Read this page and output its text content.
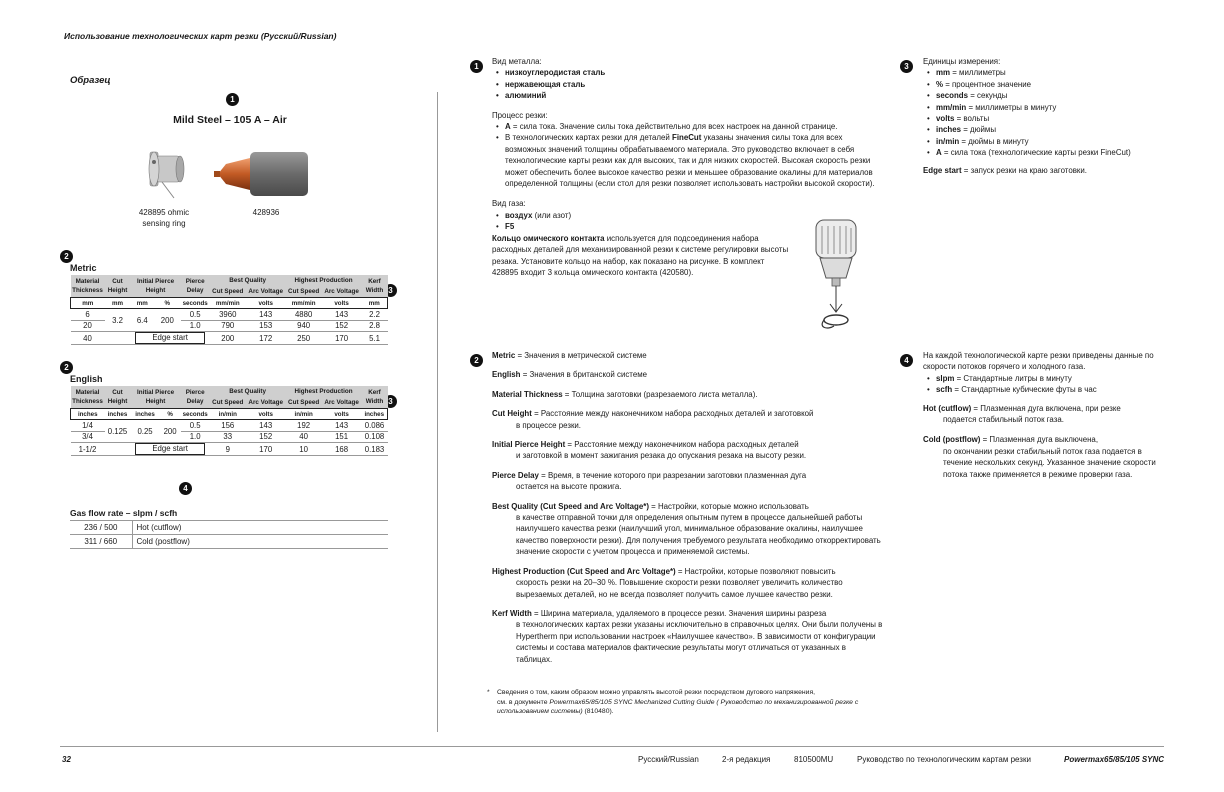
Использование технологических карт резки (Русский/Russian)
Образец
1
Mild Steel – 105 A – Air
428895 ohmic
sensing ring
428936
2
Metric
3
Material Thickness	Cut Height	Initial Pierce Height		Pierce Delay	Best Quality		Highest Production		Kerf Width
					Cut Speed	Arc Voltage	Cut Speed	Arc Voltage	
mm	mm	mm	%	seconds	mm/min	volts	mm/min	volts	mm
6	3.2	6.4	200	0.5	3960	143	4880	143	2.2
20				1.0	790	153	940	152	2.8
40		Edge start			200	172	250	170	5.1
2
English
3
Material Thickness	Cut Height	Initial Pierce Height		Pierce Delay	Best Quality		Highest Production		Kerf Width
					Cut Speed	Arc Voltage	Cut Speed	Arc Voltage	
inches	inches	inches	%	seconds	in/min	volts	in/min	volts	inches
1/4	0.125	0.25	200	0.5	156	143	192	143	0.086
3/4				1.0	33	152	40	151	0.108
1-1/2		Edge start			9	170	10	168	0.183
4
Gas flow rate – slpm / scfh
236 / 500	Hot (cutflow)
311 / 660	Cold (postflow)
1
Вид металла:
• низкоуглеродистая сталь
• нержавеющая сталь
• алюминий
Процесс резки:
• A = сила тока. Значение силы тока действительно для всех настроек на данной странице.
• В технологических картах резки для деталей FineCut указаны значения силы тока для всех возможных значений толщины обрабатываемого материала. Это руководство включает в себя технологические карты резки как для высоких, так и для низких скоростей. Высокая скорость резки может обеспечить более высокое качество резки и меньшее образование окалины для материалов определенной толщины (если стол для резки позволяет использовать настройки высокой скорости).
Вид газа:
• воздух (или азот)
• F5
Кольцо омического контакта используется для подсоединения набора расходных деталей для механизированной резки к системе регулировки высоты резака. Установите кольцо на набор, как показано на рисунке. В комплект 428895 входит 3 кольца омического контакта (420580).
3
Единицы измерения:
• mm = миллиметры
• % = процентное значение
• seconds = секунды
• mm/min = миллиметры в минуту
• volts = вольты
• inches = дюймы
• in/min = дюймы в минуту
• A = сила тока (технологические карты резки FineCut)
Edge start = запуск резки на краю заготовки.
2
Metric = Значения в метрической системе
English = Значения в британской системе
Material Thickness = Толщина заготовки (разрезаемого листа металла).
Cut Height = Расстояние между наконечником набора расходных деталей и заготовкой
в процессе резки.
Initial Pierce Height = Расстояние между наконечником набора расходных деталей
и заготовкой в момент зажигания резака до опускания резака на высоту резки.
Pierce Delay = Время, в течение которого при разрезании заготовки плазменная дуга
остается на высоте прожига.
Best Quality (Cut Speed and Arc Voltage*) = Настройки, которые можно использовать
в качестве отправной точки для определения опытным путем в процессе дальнейшей работы наилучшего качества резки (наилучший угол, минимальное образование окалины, наилучшее качество поверхности резки). Для получения требуемого результата необходимо откорректировать значение скорости с учетом процесса и применяемой системы.
Highest Production (Cut Speed and Arc Voltage*) = Настройки, которые позволяют повысить
скорость резки на 20–30 %. Повышение скорости резки позволяет увеличить количество вырезаемых деталей, но не всегда позволяет получить самое лучшее качество резки.
Kerf Width = Ширина материала, удаляемого в процессе резки. Значения ширины разреза
в технологических картах резки указаны исключительно в справочных целях. Они были получены в Hypertherm при использовании настроек «Наилучшее качество». В зависимости от конфигурации системы и состава материалов фактические результаты могут отличаться от указанных в таблицах.
* Сведения о том, каким образом можно управлять высотой резки посредством дугового напряжения,
см. в документе Powermax65/85/105 SYNC Mechanized Cutting Guide ( Руководство по механизированной резке с использованием системы) (810480).
4
На каждой технологической карте резки приведены данные по скорости потоков горячего и холодного газа.
• slpm = Стандартные литры в минуту
• scfh = Стандартные кубические футы в час
Hot (cutflow) = Плазменная дуга включена, при резке
подается стабильный поток газа.
Cold (postflow) = Плазменная дуга выключена,
по окончании резки стабильный поток газа подается в течение нескольких секунд. Указанное значение скорости потока также применяется в режиме проверки газа.
32	Русский/Russian	2-я редакция	810500MU	Руководство по технологическим картам резки	Powermax65/85/105 SYNC
